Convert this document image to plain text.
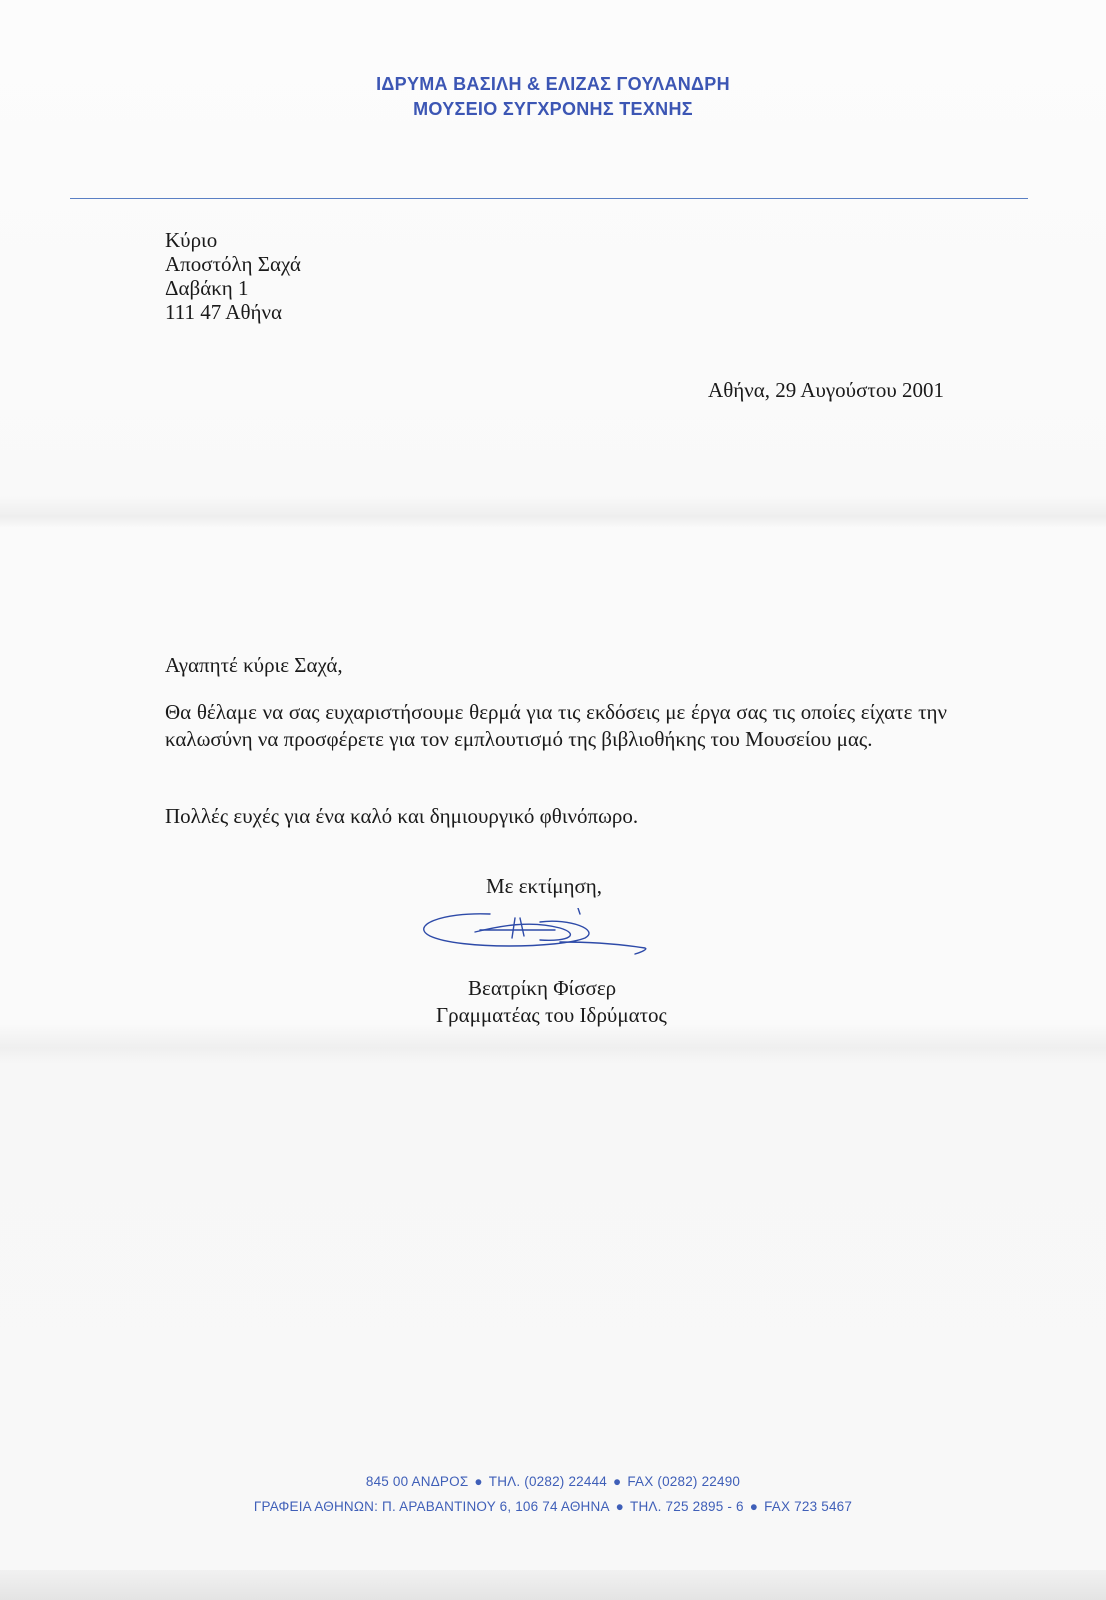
ΙΔΡΥΜΑ ΒΑΣΙΛΗ & ΕΛΙΖΑΣ ΓΟΥΛΑΝΔΡΗ
ΜΟΥΣΕΙΟ ΣΥΓΧΡΟΝΗΣ ΤΕΧΝΗΣ
Κύριο
Αποστόλη Σαχά
Δαβάκη 1
111 47 Αθήνα
Αθήνα, 29 Αυγούστου 2001
Αγαπητέ κύριε Σαχά,
Θα θέλαμε να σας ευχαριστήσουμε θερμά για τις εκδόσεις με έργα σας τις οποίες είχατε την καλωσύνη να προσφέρετε για τον εμπλουτισμό της βιβλιοθήκης του Μουσείου μας.
Πολλές ευχές για ένα καλό και δημιουργικό φθινόπωρο.
Με εκτίμηση,
Βεατρίκη Φίσσερ
Γραμματέας του Ιδρύματος
845 00 ΑΝΔΡΟΣ ● ΤΗΛ. (0282) 22444 ● FAX (0282) 22490
ΓΡΑΦΕΙΑ ΑΘΗΝΩΝ: Π. ΑΡΑΒΑΝΤΙΝΟΥ 6, 106 74 ΑΘΗΝΑ ● ΤΗΛ. 725 2895 - 6 ● FAX 723 5467
